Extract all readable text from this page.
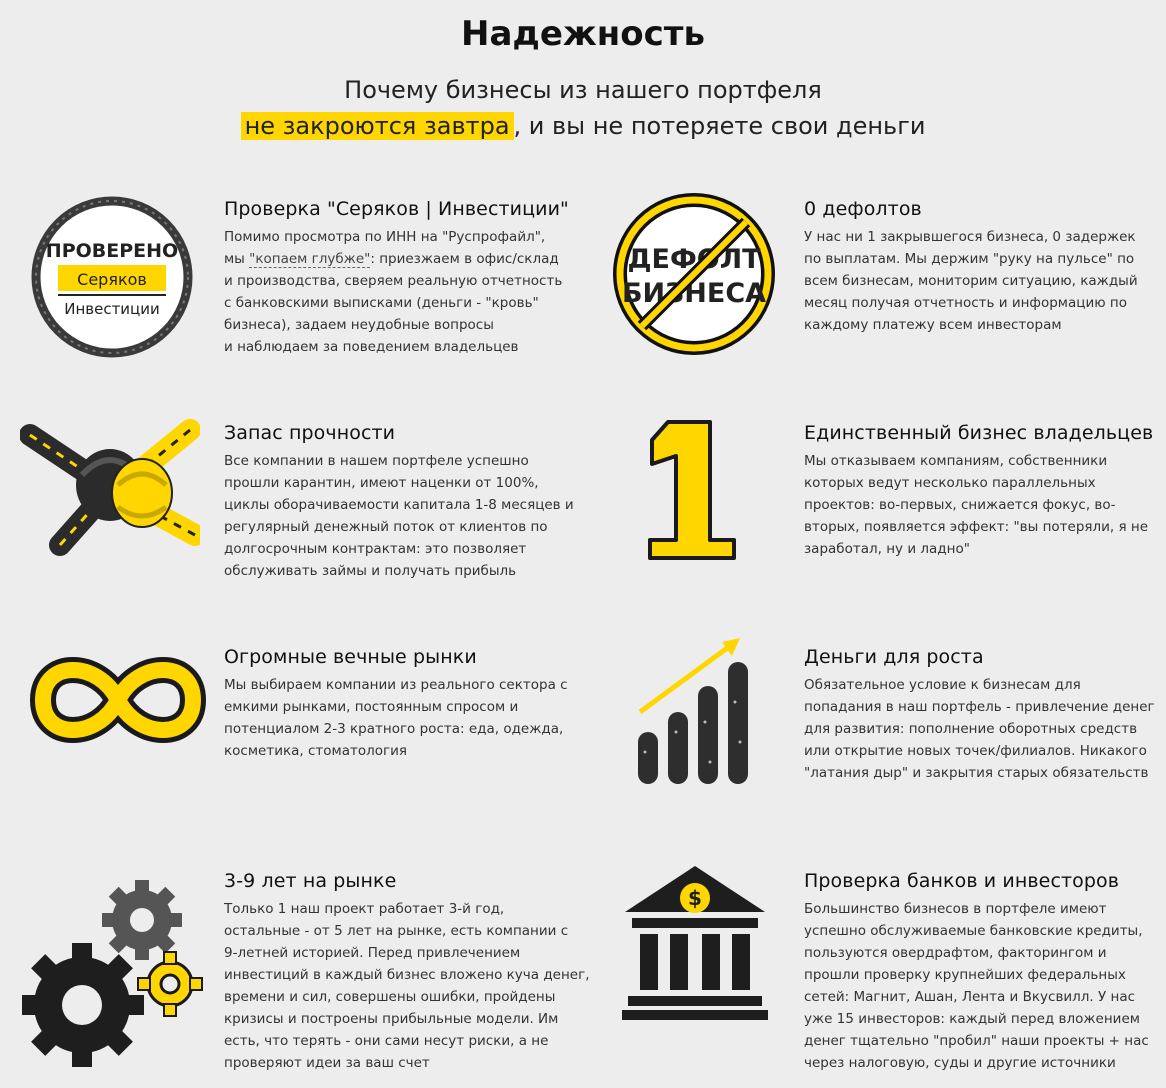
Надежность
Почему бизнесы из нашего портфеля
не закроются завтра , и вы не потеряете свои деньги
ПРОВЕРЕНО
Серяков
Инвестиции
ДЕФОЛТ
БИЗНЕСА
$
Проверка "Серяков | Инвестиции"

Помимо просмотра по ИНН на "Руспрофайл",
мы "копаем глубже": приезжаем в офис/склад
и производства, сверяем реальную отчетность
с банковскими выписками (деньги - "кровь"
бизнеса), задаем неудобные вопросы
и наблюдаем за поведением владельцев

0 дефолтов

У нас ни 1 закрывшегося бизнеса, 0 задержек
по выплатам. Мы держим "руку на пульсе" по
всем бизнесам, мониторим ситуацию, каждый
месяц получая отчетность и информацию по
каждому платежу всем инвесторам

Запас прочности

Все компании в нашем портфеле успешно
прошли карантин, имеют наценки от 100%,
циклы оборачиваемости капитала 1-8 месяцев и
регулярный денежный поток от клиентов по
долгосрочным контрактам: это позволяет
обслуживать займы и получать прибыль

Единственный бизнес владельцев

Мы отказываем компаниям, собственники
которых ведут несколько параллельных
проектов: во-первых, снижается фокус, во-
вторых, появляется эффект: "вы потеряли, я не
заработал, ну и ладно"

Огромные вечные рынки

Мы выбираем компании из реального сектора с
емкими рынками, постоянным спросом и
потенциалом 2-3 кратного роста: еда, одежда,
косметика, стоматология

Деньги для роста

Обязательное условие к бизнесам для
попадания в наш портфель - привлечение денег
для развития: пополнение оборотных средств
или открытие новых точек/филиалов. Никакого
"латания дыр" и закрытия старых обязательств

3-9 лет на рынке

Только 1 наш проект работает 3-й год,
остальные - от 5 лет на рынке, есть компании с
9-летней историей. Перед привлечением
инвестиций в каждый бизнес вложено куча денег,
времени и сил, совершены ошибки, пройдены
кризисы и построены прибыльные модели. Им
есть, что терять - они сами несут риски, а не
проверяют идеи за ваш счет

Проверка банков и инвесторов

Большинство бизнесов в портфеле имеют
успешно обслуживаемые банковские кредиты,
пользуются овердрафтом, факторингом и
прошли проверку крупнейших федеральных
сетей: Магнит, Ашан, Лента и Вкусвилл. У нас
уже 15 инвесторов: каждый перед вложением
денег тщательно "пробил" наши проекты + нас
через налоговую, суды и другие источники
